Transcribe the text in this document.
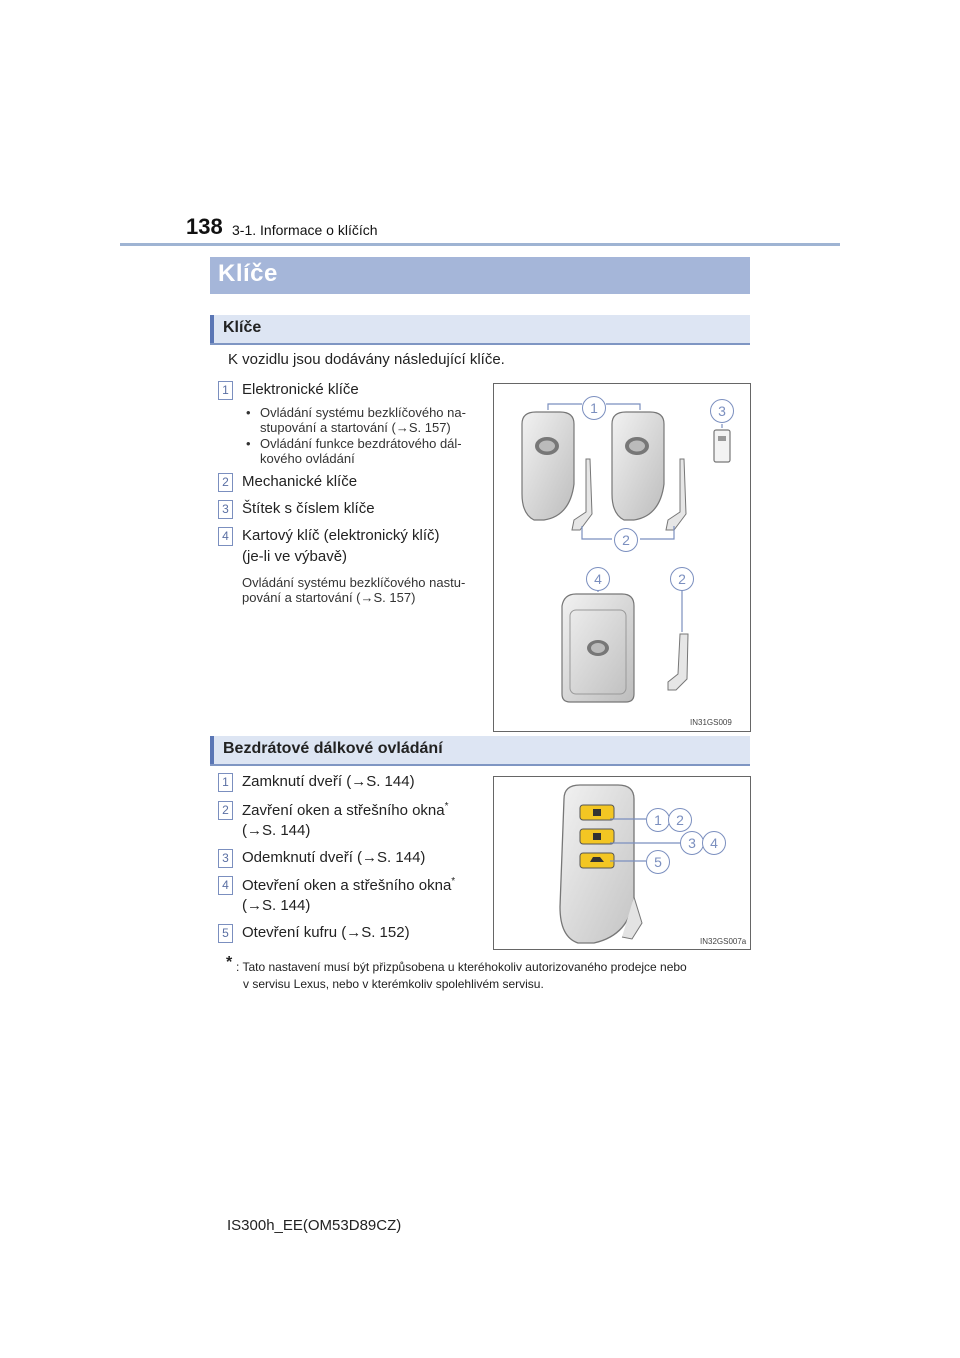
138 3-1. Informace o klíčích
Klíče
Klíče
K vozidlu jsou dodávány následující klíče.
1 Elektronické klíče
• Ovládání systému bezklíčového na-
stupování a startování (→S. 157)
• Ovládání funkce bezdrátového dál-
kového ovládání
2 Mechanické klíče
3 Štítek s číslem klíče
4 Kartový klíč (elektronický klíč)
(je-li ve výbavě)
Ovládání systému bezklíčového nastu-
pování a startování (→S. 157)
1	3
2
4	2
IN31GS009
Bezdrátové dálkové ovládání
1 Zamknutí dveří (→S. 144)
2 Zavření oken a střešního okna*
(→S. 144)
3 Odemknutí dveří (→S. 144)
4 Otevření oken a střešního okna*
(→S. 144)
5 Otevření kufru (→S. 152)
1	2
3	4
5
IN32GS007a
* : Tato nastavení musí být přizpůsobena u kteréhokoliv autorizovaného prodejce nebo
v servisu Lexus, nebo v kterémkoliv spolehlivém servisu.
IS300h_EE(OM53D89CZ)
